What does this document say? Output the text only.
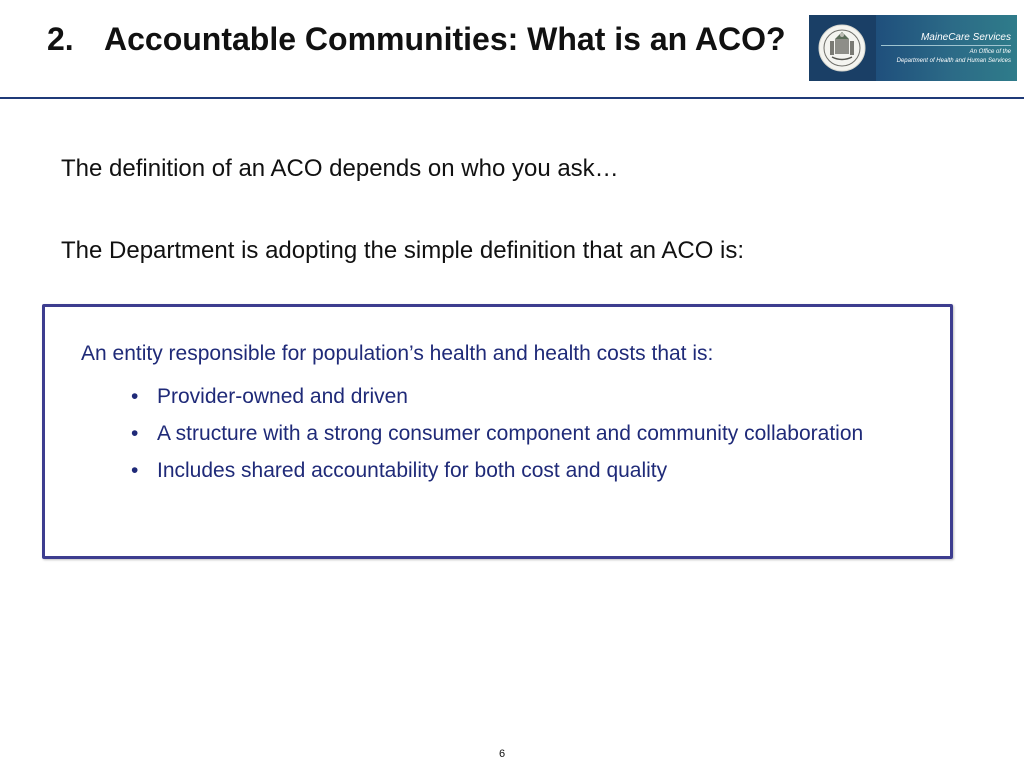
2. Accountable Communities: What is an ACO?	MaineCare Services
An Office of the
Department of Health and Human Services
The definition of an ACO depends on who you ask…
The Department is adopting the simple definition that an ACO is:
An entity responsible for population’s health and health costs that is:
• Provider-owned and driven
• A structure with a strong consumer component and community collaboration
• Includes shared accountability for both cost and quality
6
